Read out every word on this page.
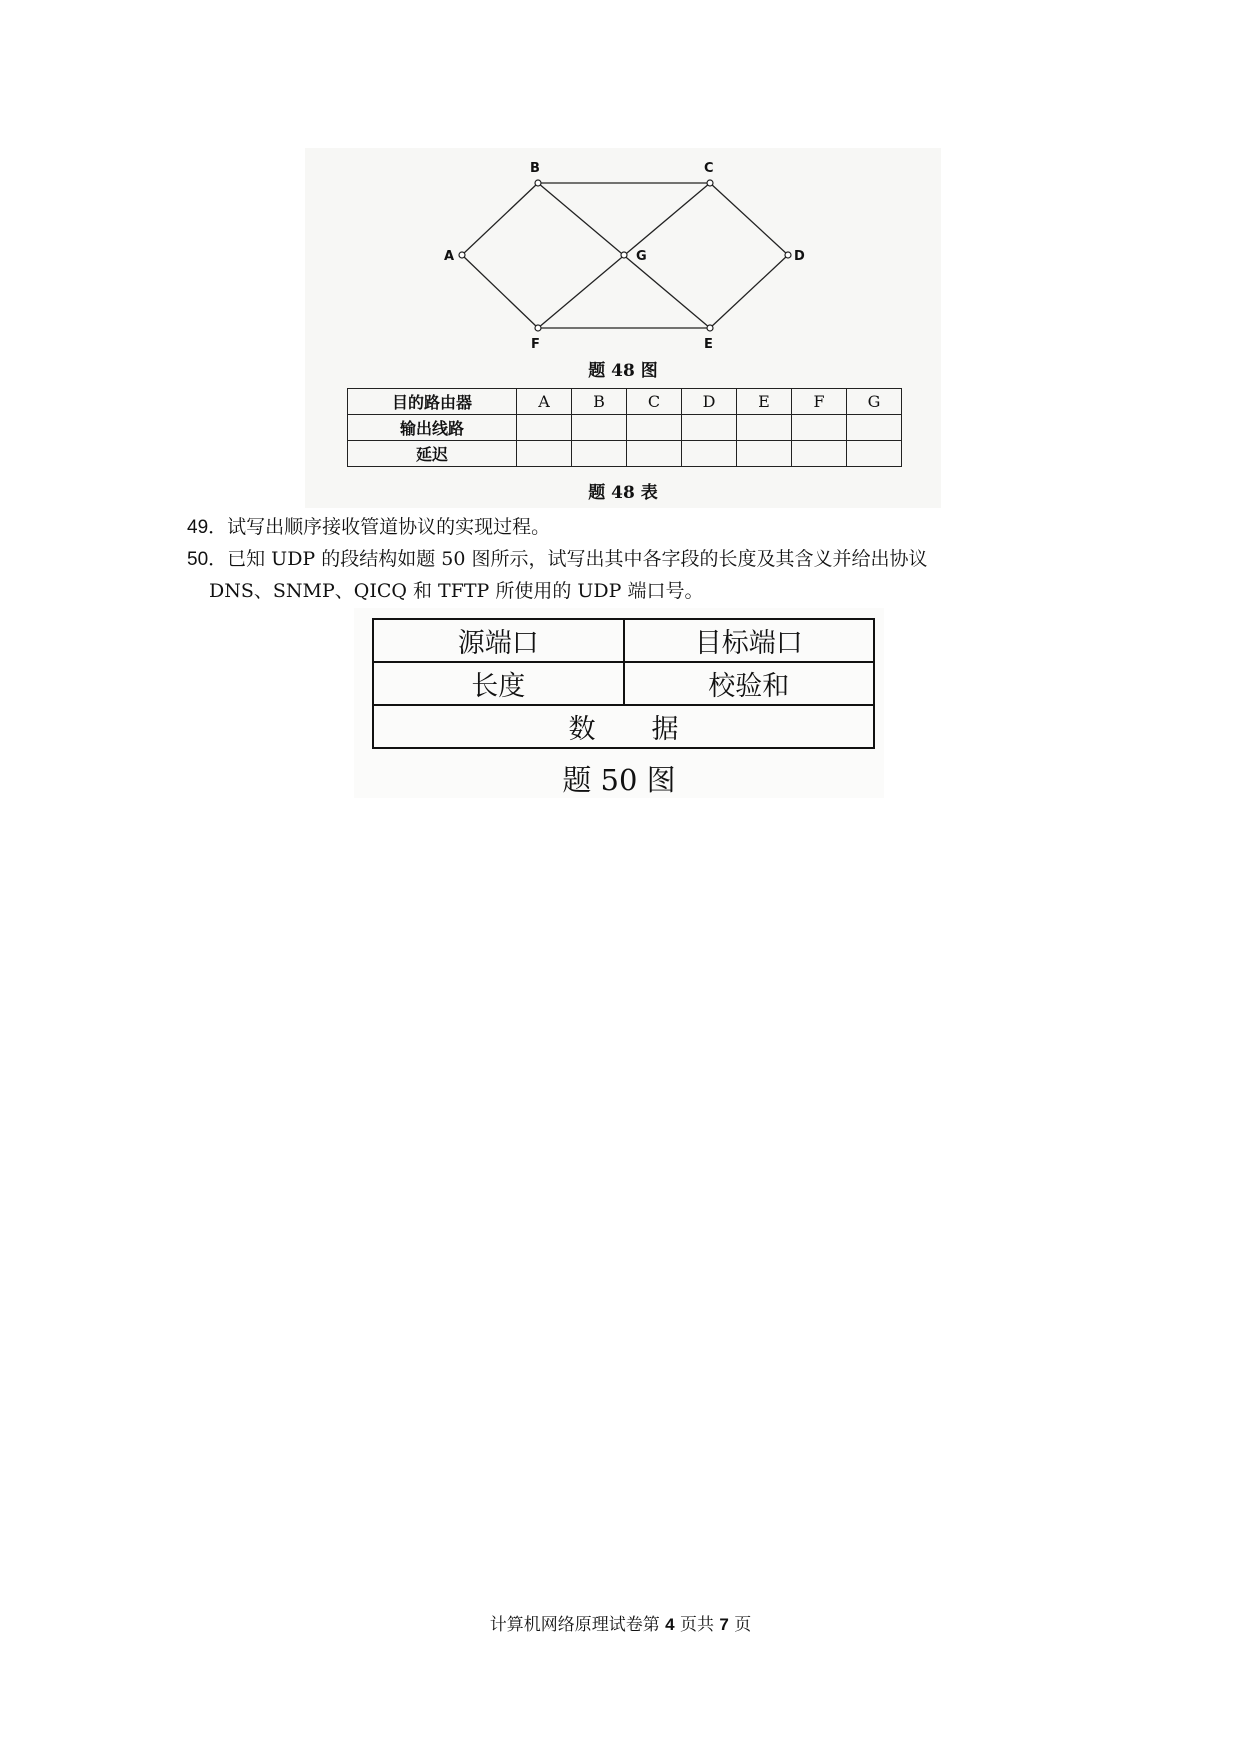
A
B	C
D
E
F
G
题 48 图
目的路由器	A	B	C	D	E	F	G
输出线路							
延迟							
题 48 表
49．试写出顺序接收管道协议的实现过程。
50．已知 UDP 的段结构如题 50 图所示，试写出其中各字段的长度及其含义并给出协议
DNS、SNMP、QICQ 和 TFTP 所使用的 UDP 端口号。
源端口	目标端口
长度	校验和
数据	
题 50 图
计算机网络原理试卷第 4 页共 7 页
